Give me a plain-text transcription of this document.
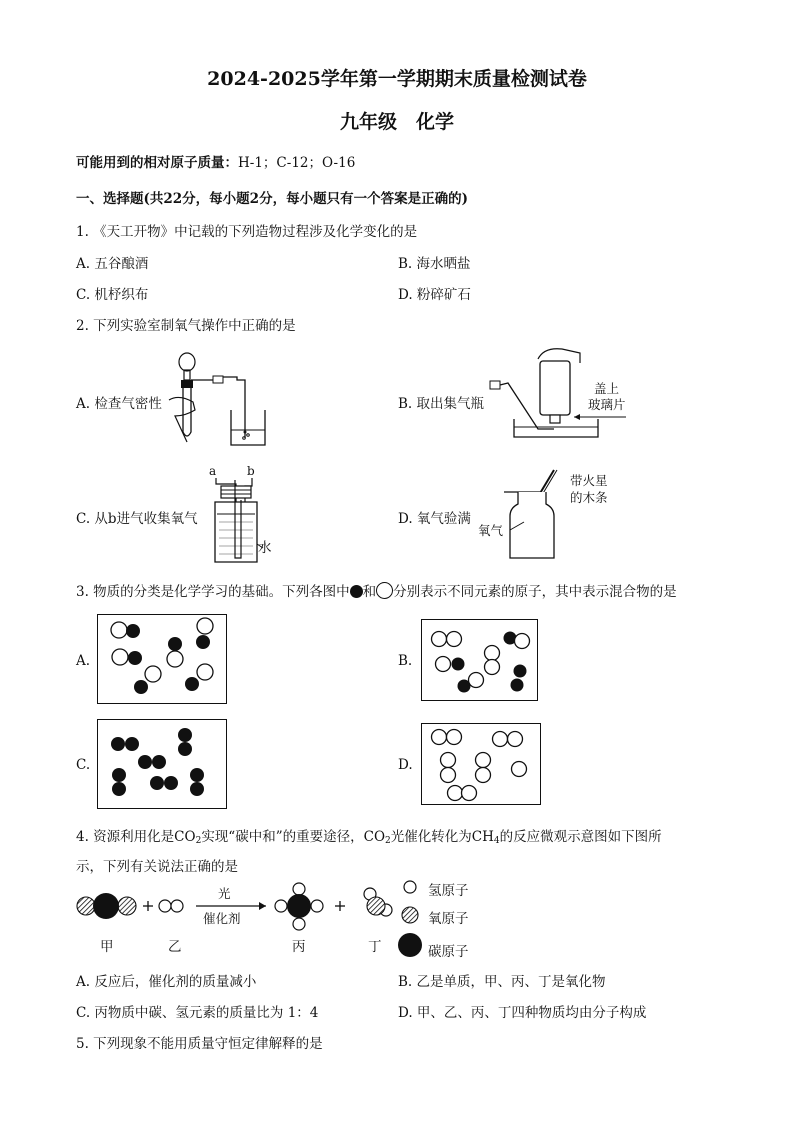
2024-2025学年第一学期期末质量检测试卷
九年级　化学
可能用到的相对原子质量：H-1；C-12；O-16
一、选择题(共22分，每小题2分，每小题只有一个答案是正确的)
1. 《天工开物》中记载的下列造物过程涉及化学变化的是
A. 五谷酿酒	B. 海水晒盐
C. 机杼织布	D. 粉碎矿石
2. 下列实验室制氧气操作中正确的是
A. 检查气密性	B. 取出集气瓶
C. 从b进气收集氧气	D. 氧气验满
盖上
玻璃片
a	b
水
带火星
的木条
氧气
3. 物质的分类是化学学习的基础。下列各图中 和 分别表示不同元素的原子，其中表示混合物的是
A.	B.
C.	D.
4. 资源利用化是$CO_2$实现“碳中和”的重要途径，$CO_2$光催化转化为$CH_4$的反应微观示意图如下图所
示，下列有关说法正确的是
光
催化剂
甲	乙	丙	丁
氢原子
氧原子
碳原子
A. 反应后，催化剂的质量减小	B. 乙是单质，甲、丙、丁是氧化物
C. 丙物质中碳、氢元素的质量比为 1：4	D. 甲、乙、丙、丁四种物质均由分子构成
5. 下列现象不能用质量守恒定律解释的是
